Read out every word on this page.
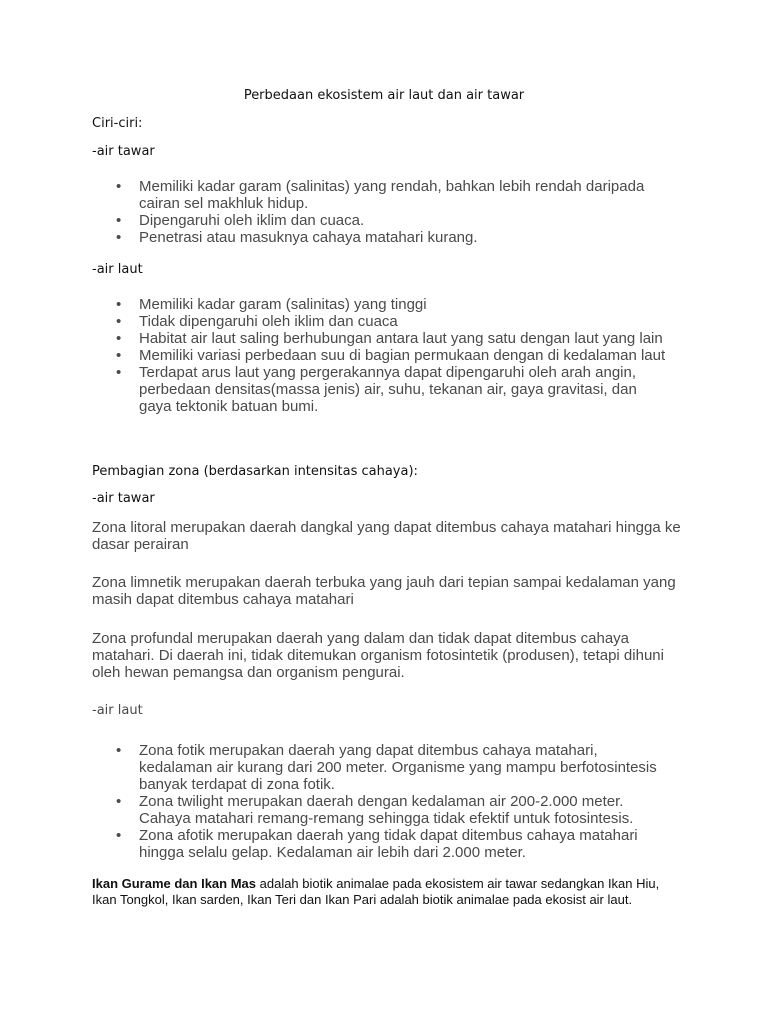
Perbedaan ekosistem air laut dan air tawar
Ciri-ciri:
-air tawar
• Memiliki kadar garam (salinitas) yang rendah, bahkan lebih rendah daripada cairan sel makhluk hidup.
• Dipengaruhi oleh iklim dan cuaca.
• Penetrasi atau masuknya cahaya matahari kurang.
-air laut
• Memiliki kadar garam (salinitas) yang tinggi
• Tidak dipengaruhi oleh iklim dan cuaca
• Habitat air laut saling berhubungan antara laut yang satu dengan laut yang lain
• Memiliki variasi perbedaan suu di bagian permukaan dengan di kedalaman laut
• Terdapat arus laut yang pergerakannya dapat dipengaruhi oleh arah angin, perbedaan densitas(massa jenis) air, suhu, tekanan air, gaya gravitasi, dan gaya tektonik batuan bumi.
Pembagian zona (berdasarkan intensitas cahaya):
-air tawar
Zona litoral merupakan daerah dangkal yang dapat ditembus cahaya matahari hingga ke dasar perairan
Zona limnetik merupakan daerah terbuka yang jauh dari tepian sampai kedalaman yang masih dapat ditembus cahaya matahari
Zona profundal merupakan daerah yang dalam dan tidak dapat ditembus cahaya matahari. Di daerah ini, tidak ditemukan organism fotosintetik (produsen), tetapi dihuni oleh hewan pemangsa dan organism pengurai.
-air laut
• Zona fotik merupakan daerah yang dapat ditembus cahaya matahari, kedalaman air kurang dari 200 meter. Organisme yang mampu berfotosintesis banyak terdapat di zona fotik.
• Zona twilight merupakan daerah dengan kedalaman air 200-2.000 meter. Cahaya matahari remang-remang sehingga tidak efektif untuk fotosintesis.
• Zona afotik merupakan daerah yang tidak dapat ditembus cahaya matahari hingga selalu gelap. Kedalaman air lebih dari 2.000 meter.
Ikan Gurame dan Ikan Mas adalah biotik animalae pada ekosistem air tawar sedangkan Ikan Hiu, Ikan Tongkol, Ikan sarden, Ikan Teri dan Ikan Pari adalah biotik animalae pada ekosist air laut.
